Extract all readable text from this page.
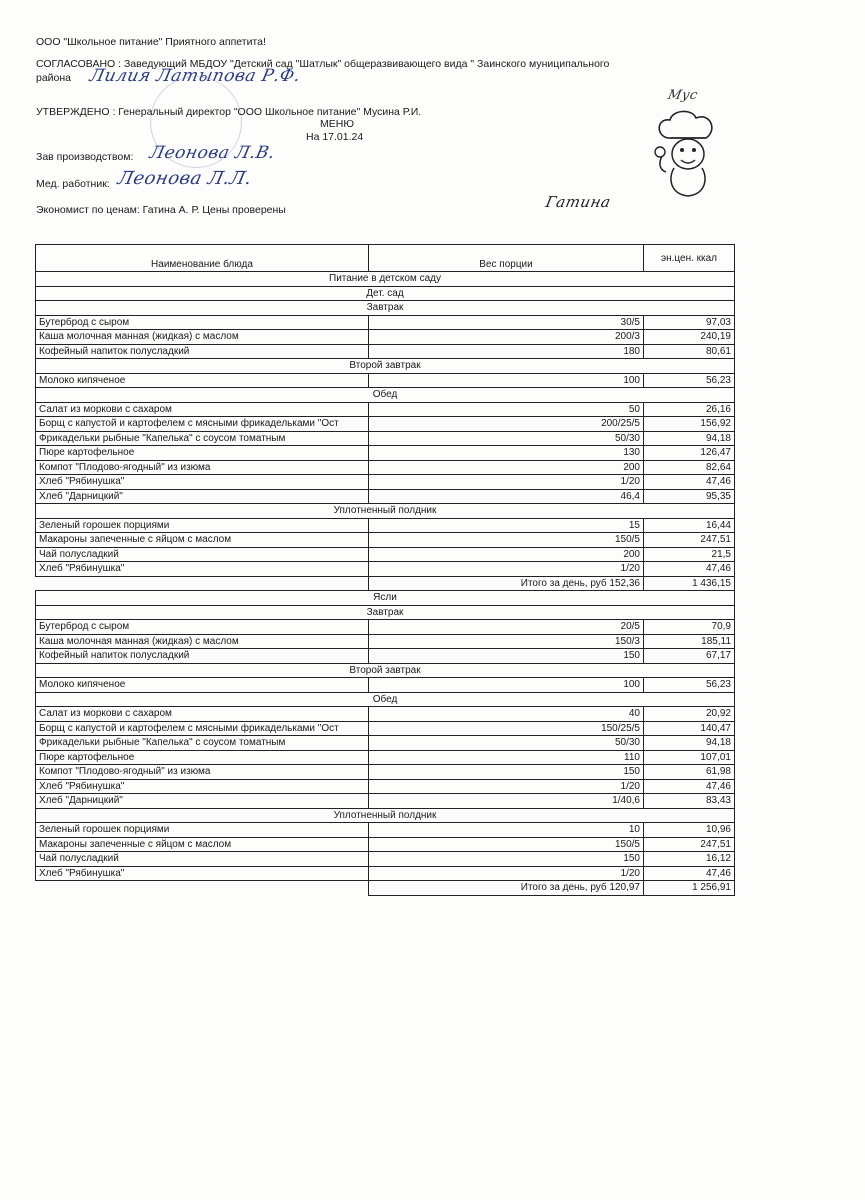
ООО "Школьное питание" Приятного аппетита!
СОГЛАСОВАНО : Заведующий МБДОУ "Детский сад "Шатлык" общеразвивающего вида " Заинского муниципального
района Лилия Латыпова Р.Ф.
УТВЕРЖДЕНО : Генеральный директор "ООО Школьное питание" Мусина Р.И.
Мус
МЕНЮ
На 17.01.24
Зав производством: Леонова Л.В.
Мед. работник: Леонова Л.Л.
Экономист по ценам: Гатина А. Р. Цены проверены	Гатина
Наименование блюда	Вес порции	эн.цен. ккал
Питание в детском саду		
Дет. сад		
Завтрак		
Бутерброд с сыром	30/5	97,03
Каша молочная манная (жидкая) с маслом	200/3	240,19
Кофейный напиток полусладкий	180	80,61
Второй завтрак		
Молоко кипяченое	100	56,23
Обед		
Салат из моркови с сахаром	50	26,16
Борщ с капустой и картофелем с мясными фрикадельками "Ост	200/25/5	156,92
Фрикадельки рыбные "Капелька" с соусом томатным	50/30	94,18
Пюре картофельное	130	126,47
Компот "Плодово-ягодный" из изюма	200	82,64
Хлеб "Рябинушка"	1/20	47,46
Хлеб "Дарницкий"	46,4	95,35
Уплотненный полдник		
Зеленый горошек порциями	15	16,44
Макароны запеченные с яйцом с маслом	150/5	247,51
Чай полусладкий	200	21,5
Хлеб "Рябинушка"	1/20	47,46
	Итого за день, руб 152,36	1 436,15
Ясли		
Завтрак		
Бутерброд с сыром	20/5	70,9
Каша молочная манная (жидкая) с маслом	150/3	185,11
Кофейный напиток полусладкий	150	67,17
Второй завтрак		
Молоко кипяченое	100	56,23
Обед		
Салат из моркови с сахаром	40	20,92
Борщ с капустой и картофелем с мясными фрикадельками "Ост	150/25/5	140,47
Фрикадельки рыбные "Капелька" с соусом томатным	50/30	94,18
Пюре картофельное	110	107,01
Компот "Плодово-ягодный" из изюма	150	61,98
Хлеб "Рябинушка"	1/20	47,46
Хлеб "Дарницкий"	1/40,6	83,43
Уплотненный полдник		
Зеленый горошек порциями	10	10,96
Макароны запеченные с яйцом с маслом	150/5	247,51
Чай полусладкий	150	16,12
Хлеб "Рябинушка"	1/20	47,46
	Итого за день, руб 120,97	1 256,91
